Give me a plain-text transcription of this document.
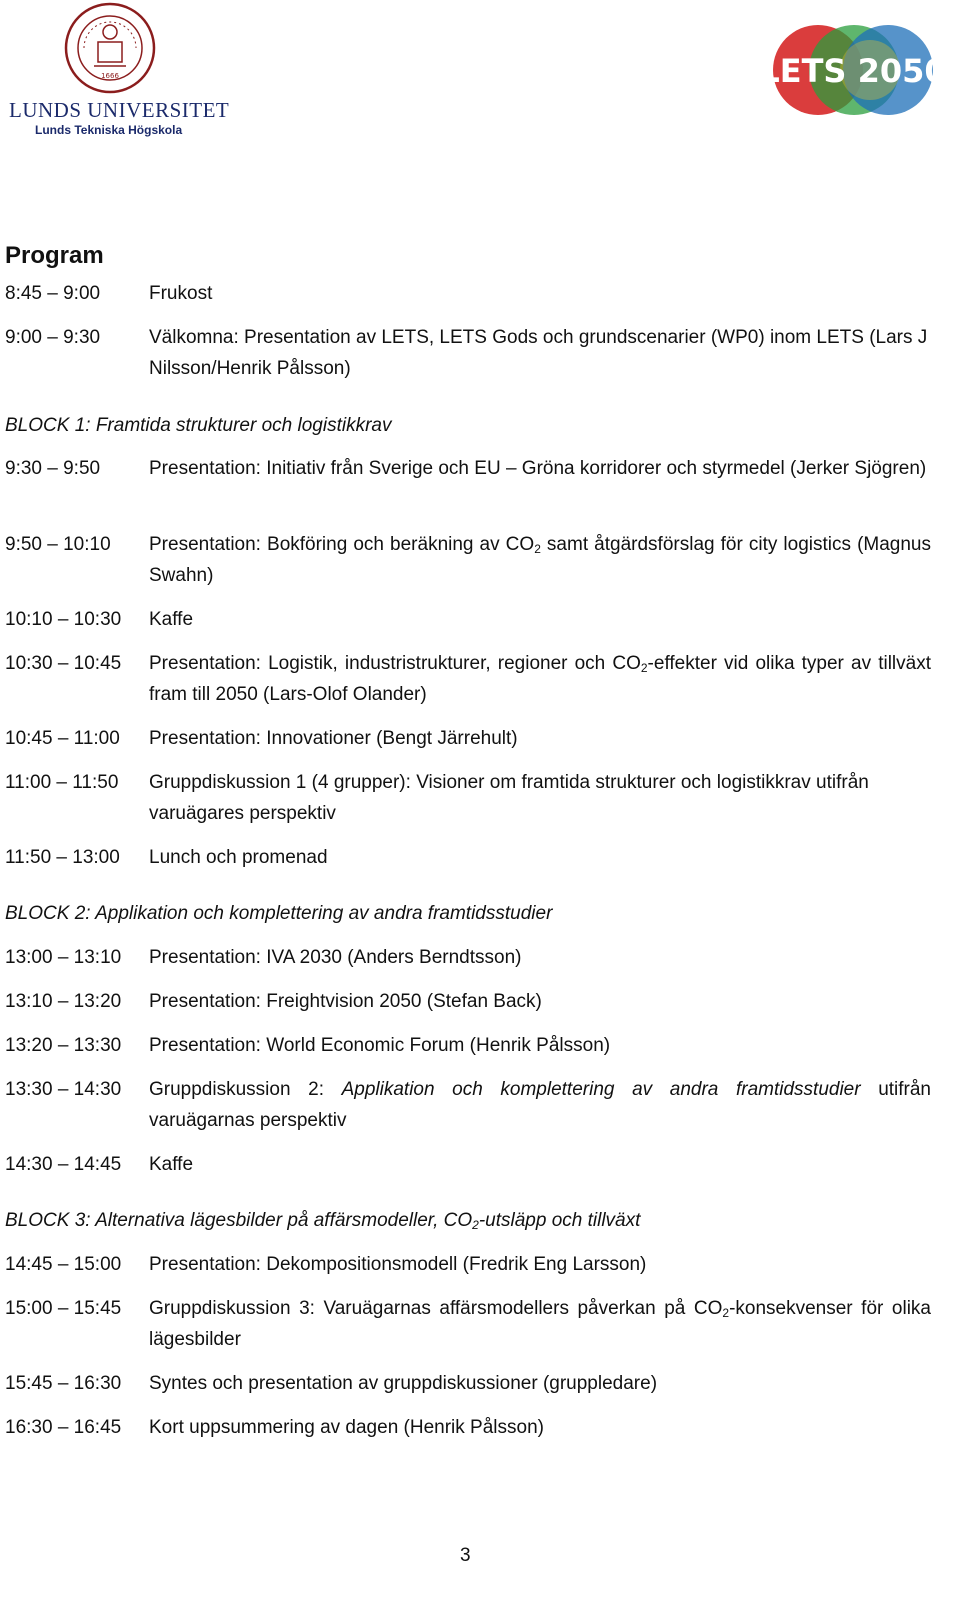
1666
LUNDS UNIVERSITET
Lunds Tekniska Högskola
LETS 2050
Program
8:45 – 9:00	Frukost
9:00 – 9:30	Välkomna: Presentation av LETS, LETS Gods och grundscenarier (WP0) inom LETS (Lars J Nilsson/Henrik Pålsson)
BLOCK 1: Framtida strukturer och logistikkrav
9:30 – 9:50	Presentation: Initiativ från Sverige och EU – Gröna korridorer och styrmedel (Jerker Sjögren)
9:50 – 10:10	Presentation: Bokföring och beräkning av $CO_2$ samt åtgärdsförslag för city logistics (Magnus Swahn)
10:10 – 10:30	Kaffe
10:30 – 10:45	Presentation: Logistik, industristrukturer, regioner och $CO_2$-effekter vid olika typer av tillväxt fram till 2050 (Lars-Olof Olander)
10:45 – 11:00	Presentation: Innovationer (Bengt Järrehult)
11:00 – 11:50	Gruppdiskussion 1 (4 grupper): Visioner om framtida strukturer och logistikkrav utifrån varuägares perspektiv
11:50 – 13:00	Lunch och promenad
BLOCK 2: Applikation och komplettering av andra framtidsstudier
13:00 – 13:10	Presentation: IVA 2030 (Anders Berndtsson)
13:10 – 13:20	Presentation: Freightvision 2050 (Stefan Back)
13:20 – 13:30	Presentation: World Economic Forum (Henrik Pålsson)
13:30 – 14:30	Gruppdiskussion 2: Applikation och komplettering av andra framtidsstudier utifrån varuägarnas perspektiv
14:30 – 14:45	Kaffe
BLOCK 3: Alternativa lägesbilder på affärsmodeller, $CO_2$-utsläpp och tillväxt
14:45 – 15:00	Presentation: Dekompositionsmodell (Fredrik Eng Larsson)
15:00 – 15:45	Gruppdiskussion 3: Varuägarnas affärsmodellers påverkan på $CO_2$-konsekvenser för olika lägesbilder
15:45 – 16:30	Syntes och presentation av gruppdiskussioner (gruppledare)
16:30 – 16:45	Kort uppsummering av dagen (Henrik Pålsson)
3
